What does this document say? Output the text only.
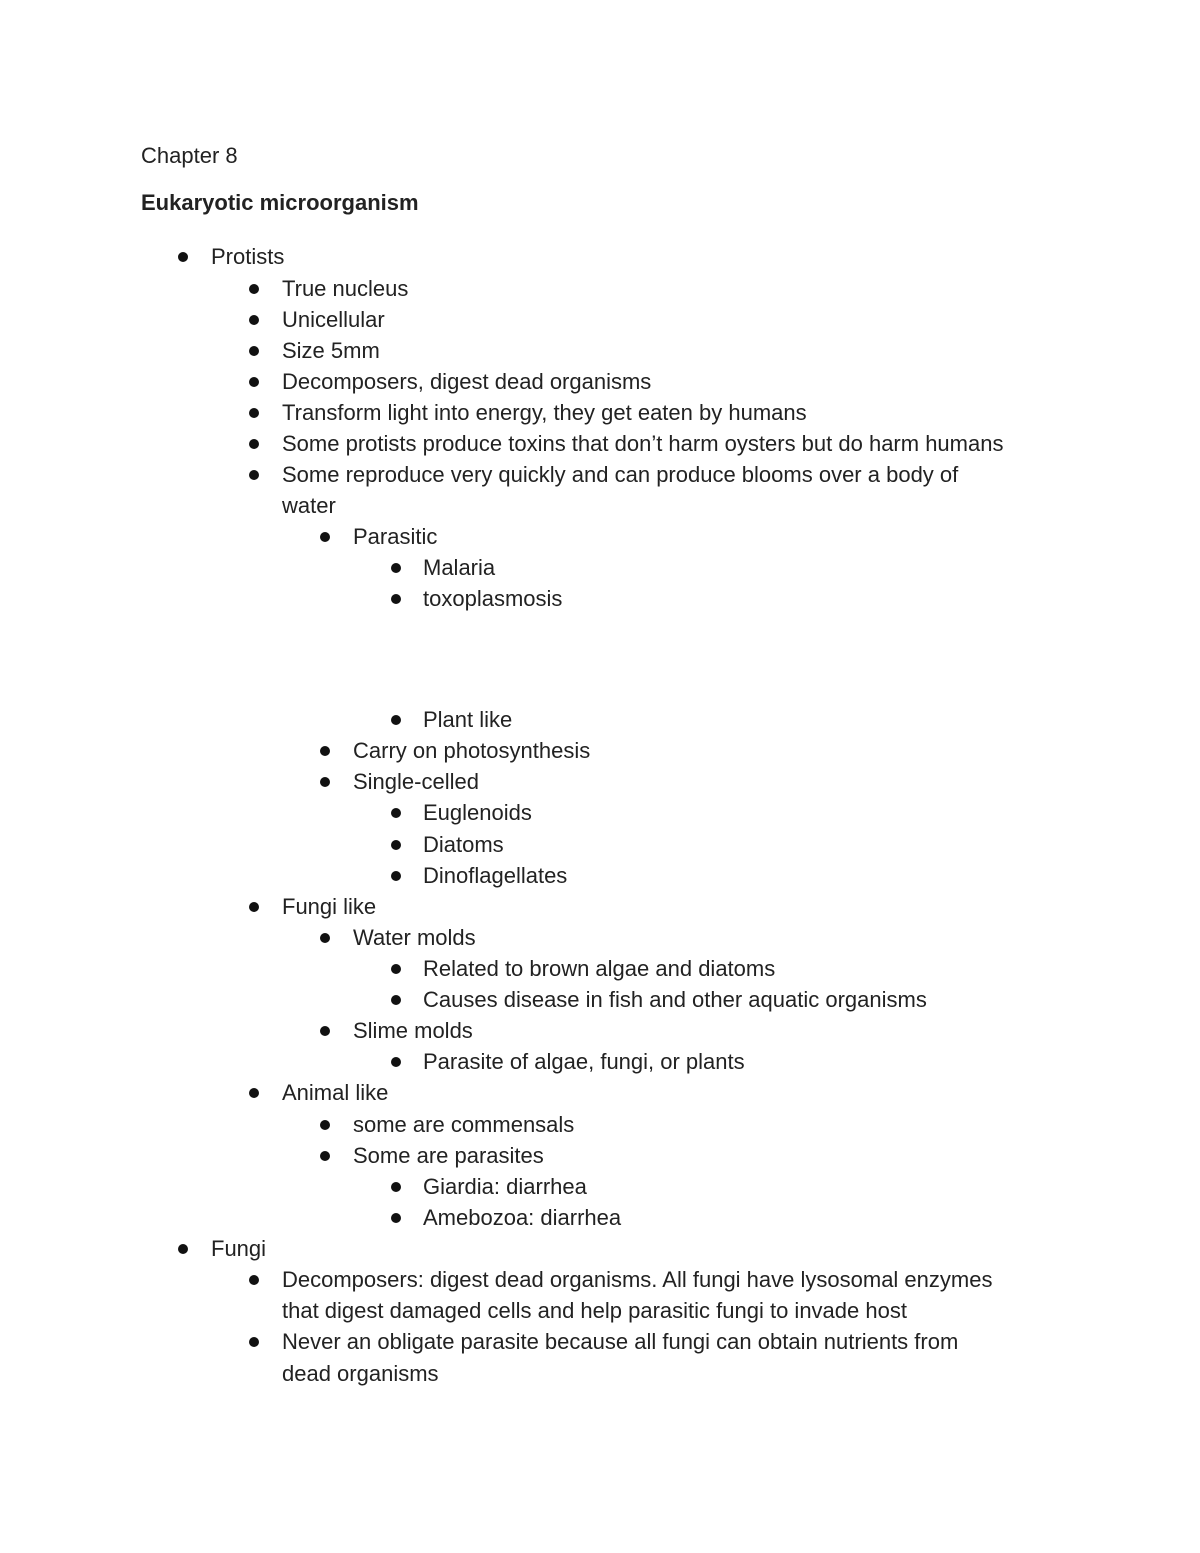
Chapter 8

Eukaryotic microorganism

Protists

True nucleus

Unicellular

Size 5mm

Decomposers, digest dead organisms

Transform light into energy, they get eaten by humans

Some protists produce toxins that don’t harm oysters but do harm humans

Some reproduce very quickly and can produce blooms over a body of

water

Parasitic

Malaria

toxoplasmosis

Plant like

Carry on photosynthesis

Single-celled

Euglenoids

Diatoms

Dinoflagellates

Fungi like

Water molds

Related to brown algae and diatoms

Causes disease in fish and other aquatic organisms

Slime molds

Parasite of algae, fungi, or plants

Animal like

some are commensals

Some are parasites

Giardia: diarrhea

Amebozoa: diarrhea

Fungi

Decomposers: digest dead organisms. All fungi have lysosomal enzymes

that digest damaged cells and help parasitic fungi to invade host

Never an obligate parasite because all fungi can obtain nutrients from

dead organisms
